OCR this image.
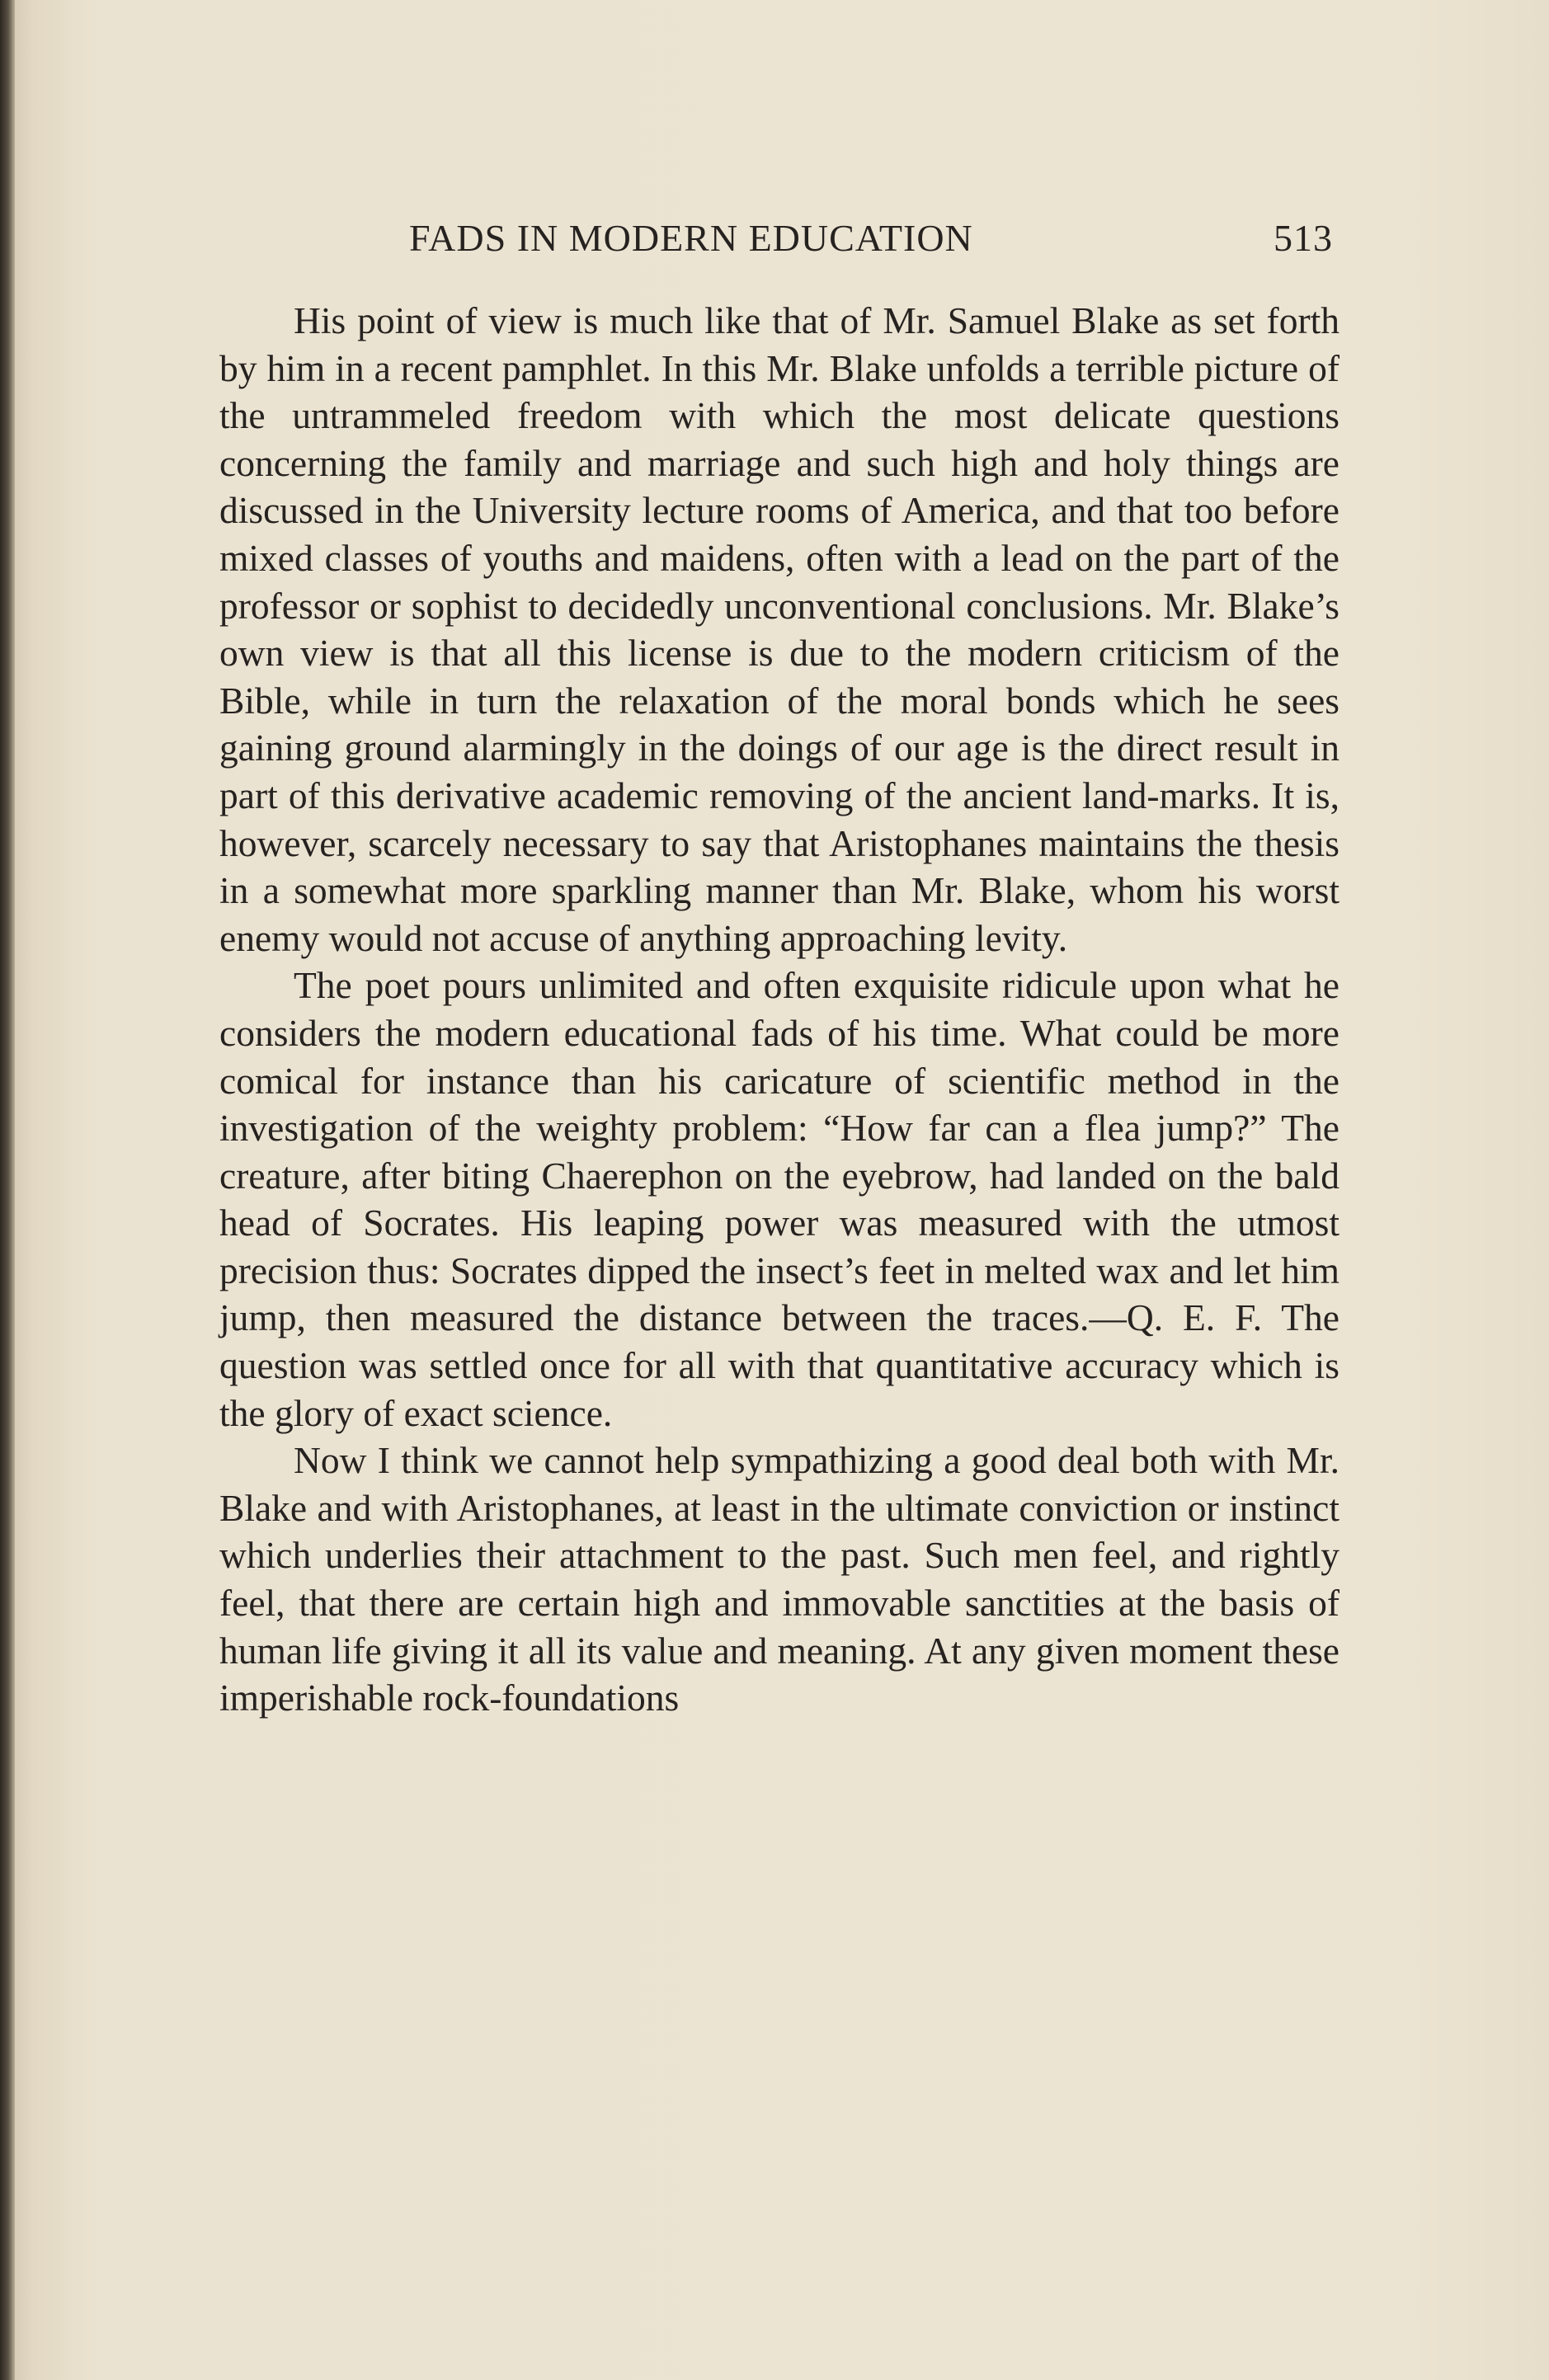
FADS IN MODERN EDUCATION	513

His point of view is much like that of Mr. Samuel Blake as set forth by him in a recent pamphlet. In this Mr. Blake unfolds a terrible picture of the untrammeled freedom with which the most delicate questions concerning the family and marriage and such high and holy things are discussed in the University lecture rooms of America, and that too before mixed classes of youths and maidens, often with a lead on the part of the professor or sophist to decidedly unconventional conclusions. Mr. Blake’s own view is that all this license is due to the modern criticism of the Bible, while in turn the relaxation of the moral bonds which he sees gaining ground alarmingly in the doings of our age is the direct result in part of this derivative academic removing of the ancient land-marks. It is, however, scarcely necessary to say that Aristophanes maintains the thesis in a somewhat more sparkling manner than Mr. Blake, whom his worst enemy would not accuse of anything approaching levity.

The poet pours unlimited and often exquisite ridicule upon what he considers the modern educational fads of his time. What could be more comical for instance than his caricature of scientific method in the investigation of the weighty problem: “How far can a flea jump?” The creature, after biting Chaerephon on the eyebrow, had landed on the bald head of Socrates. His leaping power was measured with the utmost precision thus: Socrates dipped the insect’s feet in melted wax and let him jump, then measured the distance between the traces.—Q. E. F. The question was settled once for all with that quantitative accuracy which is the glory of exact science.

Now I think we cannot help sympathizing a good deal both with Mr. Blake and with Aristophanes, at least in the ultimate conviction or instinct which underlies their attachment to the past. Such men feel, and rightly feel, that there are certain high and immovable sanctities at the basis of human life giving it all its value and meaning. At any given moment these imperishable rock-foundations
